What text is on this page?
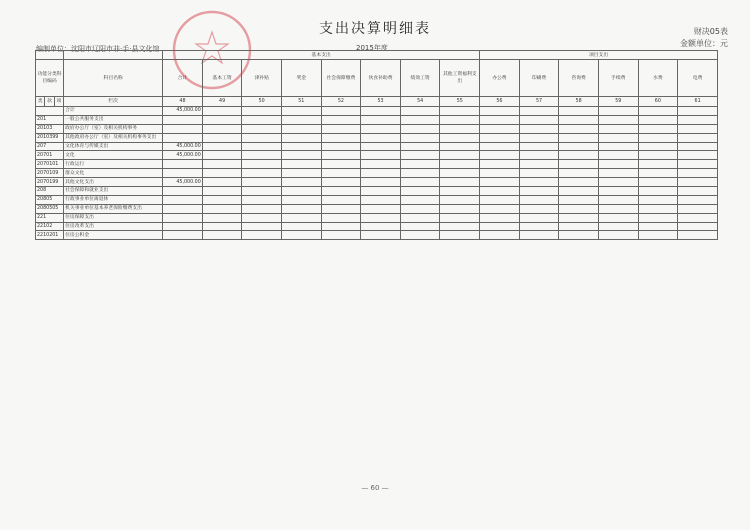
支出决算明细表	财决05表
金额单位：元
编制单位：沈阳市辽阳市非·手·县文化馆	2015年度
				基本支出								项目支出					
功能分类科目编码			科目名称	合计	基本工资	津补贴	奖金	社会保障缴费	伙食补助费	绩效工资	其他工资福利支出	办公费	印刷费	咨询费	手续费	水费	电费
类	款	项	栏次	48	49	50	51	52	53	54	55	56	57	58	59	60	61
			合计	45,000.00													
201			一般公共服务支出														
20103			政府办公厅（室）及相关机构事务														
2010399			其他政府办公厅（室）及相关机构事务支出														
207			文化体育与传媒支出	45,000.00													
20701			文化	45,000.00													
2070101			行政运行														
2070109			群众文化														
2070199			其他文化支出	45,000.00													
208			社会保障和就业支出														
20805			行政事业单位离退休														
2080505			机关事业单位基本养老保险缴费支出														
221			住房保障支出														
22102			住房改革支出														
2210201			住房公积金														
— 60 —
